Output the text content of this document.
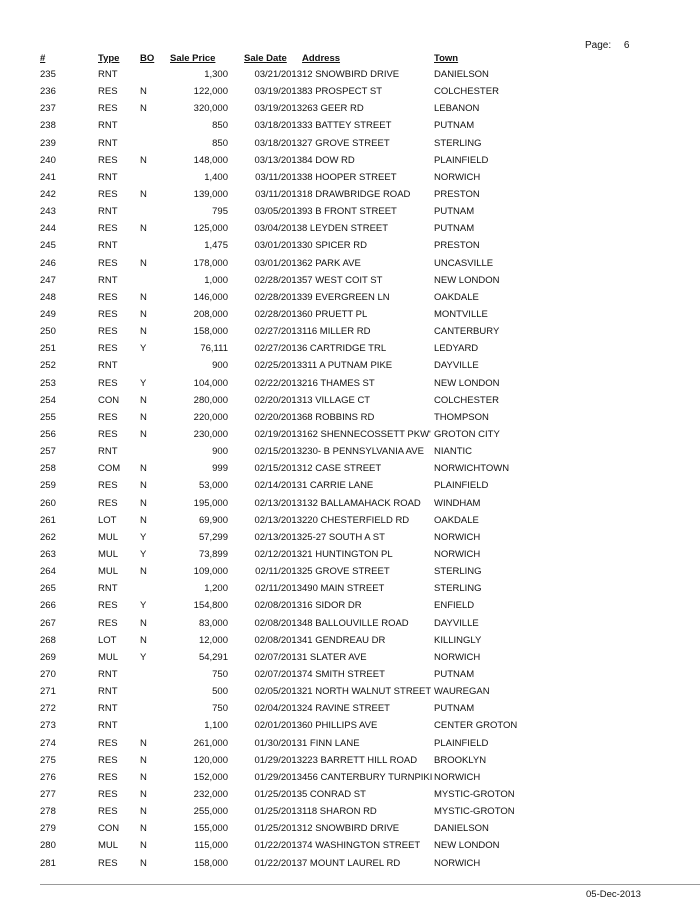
Page: 6
#	Type	BO	Sale Price		Sale Date	Address	Town
235	RNT		1,300		03/21/2013	12 SNOWBIRD DRIVE	DANIELSON
236	RES	N	122,000		03/19/2013	83 PROSPECT ST	COLCHESTER
237	RES	N	320,000		03/19/2013	263 GEER RD	LEBANON
238	RNT		850		03/18/2013	33 BATTEY STREET	PUTNAM
239	RNT		850		03/18/2013	27 GROVE STREET	STERLING
240	RES	N	148,000		03/13/2013	84 DOW RD	PLAINFIELD
241	RNT		1,400		03/11/2013	38 HOOPER STREET	NORWICH
242	RES	N	139,000		03/11/2013	18 DRAWBRIDGE ROAD	PRESTON
243	RNT		795		03/05/2013	93 B FRONT STREET	PUTNAM
244	RES	N	125,000		03/04/2013	8 LEYDEN STREET	PUTNAM
245	RNT		1,475		03/01/2013	30 SPICER RD	PRESTON
246	RES	N	178,000		03/01/2013	62 PARK AVE	UNCASVILLE
247	RNT		1,000		02/28/2013	57 WEST COIT ST	NEW LONDON
248	RES	N	146,000		02/28/2013	39 EVERGREEN LN	OAKDALE
249	RES	N	208,000		02/28/2013	60 PRUETT PL	MONTVILLE
250	RES	N	158,000		02/27/2013	116 MILLER RD	CANTERBURY
251	RES	Y	76,111		02/27/2013	6 CARTRIDGE TRL	LEDYARD
252	RNT		900		02/25/2013	311 A PUTNAM PIKE	DAYVILLE
253	RES	Y	104,000		02/22/2013	216 THAMES ST	NEW LONDON
254	CON	N	280,000		02/20/2013	13 VILLAGE CT	COLCHESTER
255	RES	N	220,000		02/20/2013	68 ROBBINS RD	THOMPSON
256	RES	N	230,000		02/19/2013	162 SHENNECOSSETT PKW'	GROTON CITY
257	RNT		900		02/15/2013	230- B PENNSYLVANIA AVE	NIANTIC
258	COM	N	999		02/15/2013	12 CASE STREET	NORWICHTOWN
259	RES	N	53,000		02/14/2013	1 CARRIE LANE	PLAINFIELD
260	RES	N	195,000		02/13/2013	132 BALLAMAHACK ROAD	WINDHAM
261	LOT	N	69,900		02/13/2013	220 CHESTERFIELD RD	OAKDALE
262	MUL	Y	57,299		02/13/2013	25-27 SOUTH A ST	NORWICH
263	MUL	Y	73,899		02/12/2013	21 HUNTINGTON PL	NORWICH
264	MUL	N	109,000		02/11/2013	25 GROVE STREET	STERLING
265	RNT		1,200		02/11/2013	490 MAIN STREET	STERLING
266	RES	Y	154,800		02/08/2013	16 SIDOR DR	ENFIELD
267	RES	N	83,000		02/08/2013	48 BALLOUVILLE ROAD	DAYVILLE
268	LOT	N	12,000		02/08/2013	41 GENDREAU DR	KILLINGLY
269	MUL	Y	54,291		02/07/2013	1 SLATER AVE	NORWICH
270	RNT		750		02/07/2013	74 SMITH STREET	PUTNAM
271	RNT		500		02/05/2013	21 NORTH WALNUT STREET	WAUREGAN
272	RNT		750		02/04/2013	24 RAVINE STREET	PUTNAM
273	RNT		1,100		02/01/2013	60 PHILLIPS AVE	CENTER GROTON
274	RES	N	261,000		01/30/2013	1 FINN LANE	PLAINFIELD
275	RES	N	120,000		01/29/2013	223 BARRETT HILL ROAD	BROOKLYN
276	RES	N	152,000		01/29/2013	456 CANTERBURY TURNPIKI	NORWICH
277	RES	N	232,000		01/25/2013	5 CONRAD ST	MYSTIC-GROTON
278	RES	N	255,000		01/25/2013	118 SHARON RD	MYSTIC-GROTON
279	CON	N	155,000		01/25/2013	12 SNOWBIRD DRIVE	DANIELSON
280	MUL	N	115,000		01/22/2013	74 WASHINGTON STREET	NEW LONDON
281	RES	N	158,000		01/22/2013	7 MOUNT LAUREL RD	NORWICH
05-Dec-2013
